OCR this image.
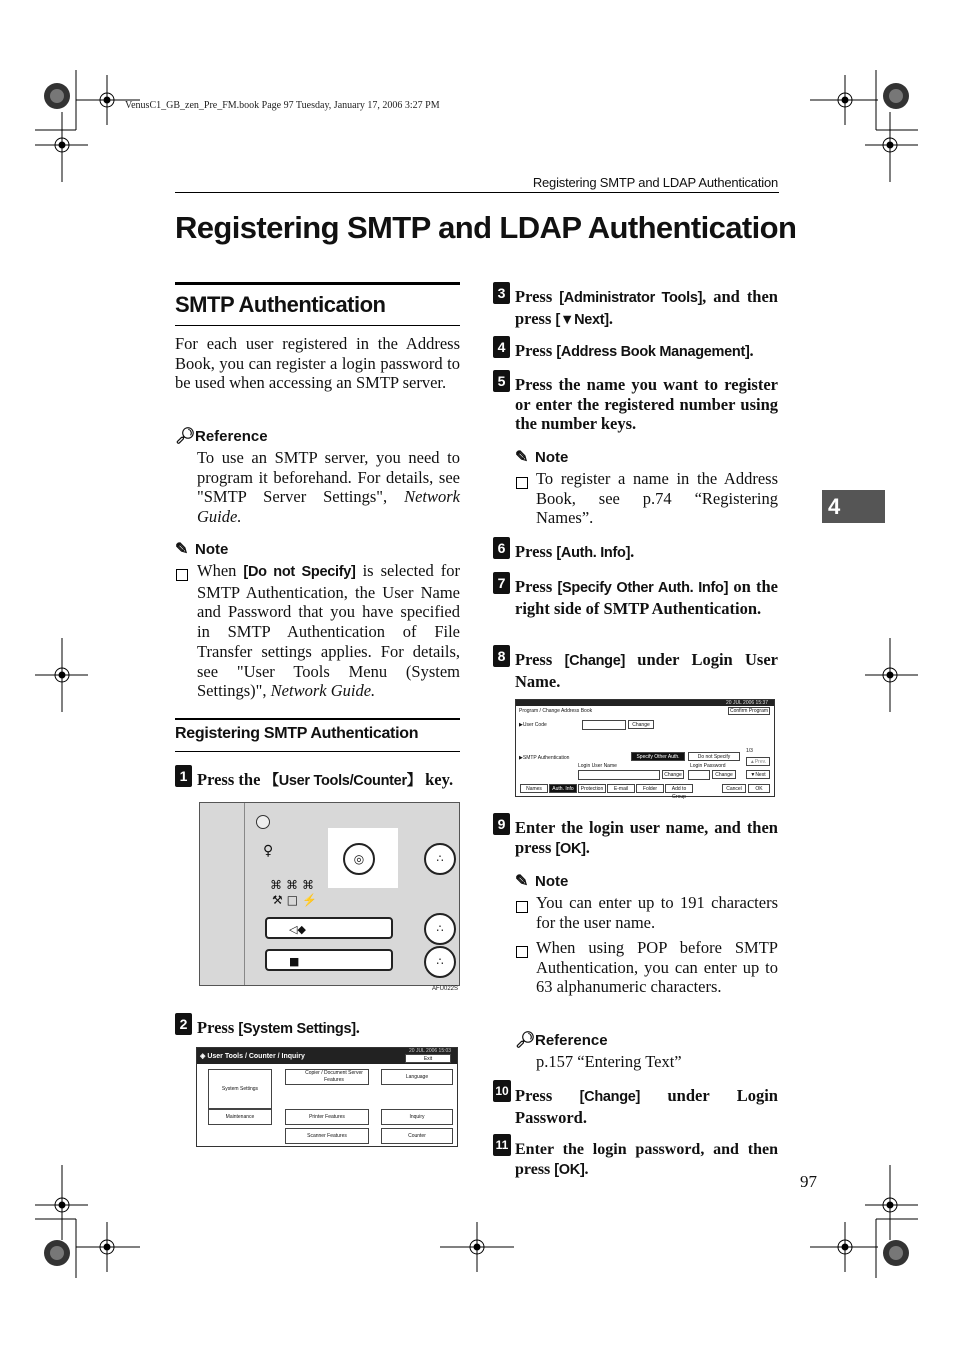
VenusC1_GB_zen_Pre_FM.book Page 97 Tuesday, January 17, 2006 3:27 PM
Registering SMTP and LDAP Authentication
Registering SMTP and LDAP Authentication
4
SMTP Authentication
For each user registered in the Address Book, you can register a login password to be used when accessing an SMTP server.
🔎︎Reference
To use an SMTP server, you need to program it beforehand. For details, see "SMTP Server Settings", Network Guide.
✎ Note
When [Do not Specify] is selected for SMTP Authentication, the User Name and Password that you have specified in SMTP Authentication of File Transfer settings applies. For details, see "User Tools Menu (System Settings)", Network Guide.
Registering SMTP Authentication
1 Press the 【User Tools/Counter】 key.
♀	◎	∴
⌘⌘⌘
⚒□⚡
◁◆
■
∴
∴
AFU022S
2 Press [System Settings].
◈ User Tools / Counter / Inquiry
20 JUL 2006 15:03
Exit
System Settings
Copier / Document Server Features	Language
Maintenance	Printer Features	Inquiry
Scanner Features	Counter
3 Press [Administrator Tools], and then press [▼Next].
4 Press [Address Book Management].
5 Press the name you want to register or enter the registered number using the number keys.
✎ Note
To register a name in the Address Book, see p.74 “Registering Names”.
6 Press [Auth. Info].
7 Press [Specify Other Auth. Info] on the right side of SMTP Authentication.
8 Press [Change] under Login User Name.
20 JUL 2006 15:37
Program / Change Address Book	Confirm Program
▶User Code	Change
▶SMTP Authentication	Specify Other Auth. Info
Do not Specify
Login User Name	Login Password
Change	Change
1/3
▲Prev.
▼Next
Names	Auth. Info	Protection	E-mail	Folder	Add to Group
Cancel	OK
9 Enter the login user name, and then press [OK].
✎ Note
You can enter up to 191 characters for the user name.
When using POP before SMTP Authentication, you can enter up to 63 alphanumeric characters.
🔎︎Reference
p.157 “Entering Text”
10 Press [Change] under Login Password.
11 Enter the login password, and then press [OK].
97
